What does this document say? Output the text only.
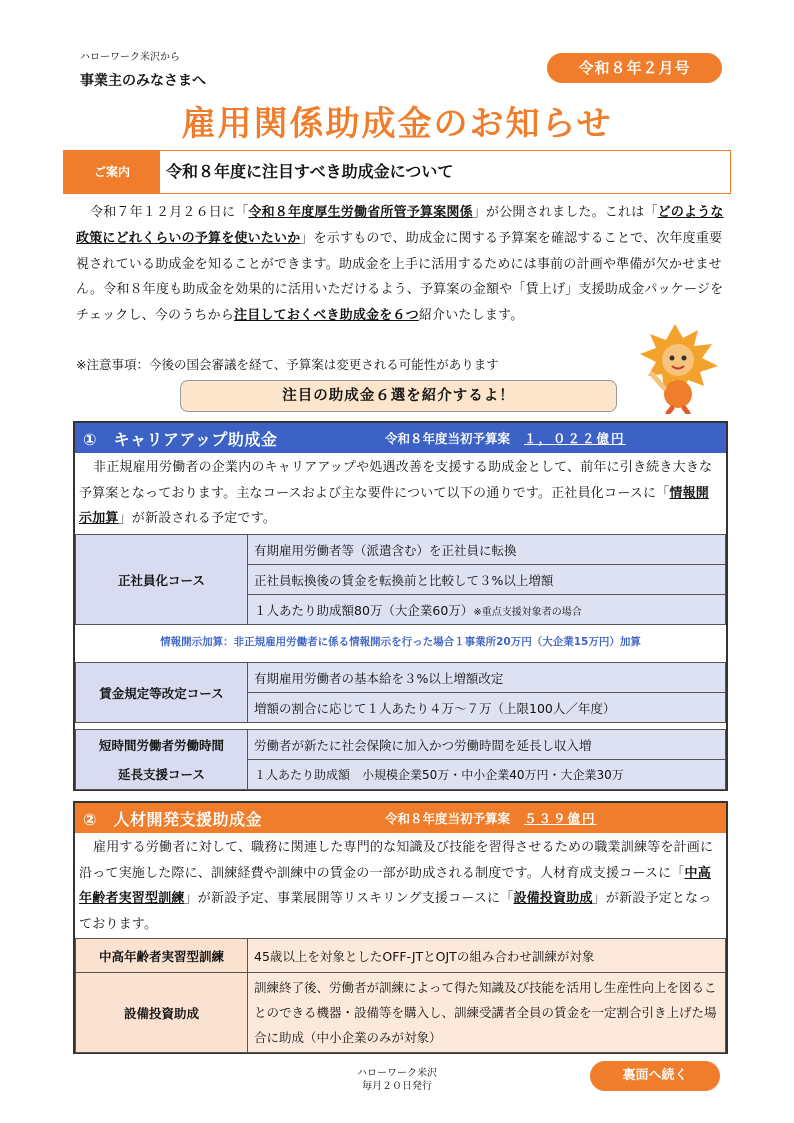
ハローワーク米沢から
事業主のみなさまへ
令和８年２月号
雇用関係助成金のお知らせ
ご案内	令和８年度に注目すべき助成金について

令和７年１２月２６日に「令和８年度厚生労働省所管予算案関係」が公開されました。これは「どのような政策にどれくらいの予算を使いたいか」を示すもので、助成金に関する予算案を確認することで、次年度重要視されている助成金を知ることができます。助成金を上手に活用するためには事前の計画や準備が欠かせません。令和８年度も助成金を効果的に活用いただけるよう、予算案の金額や「賃上げ」支援助成金パッケージをチェックし、今のうちから注目しておくべき助成金を６つ紹介いたします。

※注意事項：今後の国会審議を経て、予算案は変更される可能性があります
注目の助成金６選を紹介するよ！
①　キャリアアップ助成金	令和８年度当初予算案 １，０２２億円

非正規雇用労働者の企業内のキャリアアップや処遇改善を支援する助成金として、前年に引き続き大きな予算案となっております。主なコースおよび主な要件について以下の通りです。正社員化コースに「情報開示加算」が新設される予定です。

正社員化コース	有期雇用労働者等（派遣含む）を正社員に転換
正社員転換後の賃金を転換前と比較して３%以上増額
１人あたり助成額80万（大企業60万）※重点支援対象者の場合
情報開示加算：非正規雇用労働者に係る情報開示を行った場合１事業所20万円（大企業15万円）加算
賃金規定等改定コース	有期雇用労働者の基本給を３%以上増額改定
増額の割合に応じて１人あたり４万～７万（上限100人／年度）
短時間労働者労働時間
延長支援コース	労働者が新たに社会保険に加入かつ労働時間を延長し収入増
１人あたり助成額　小規模企業50万・中小企業40万円・大企業30万
②　人材開発支援助成金	令和８年度当初予算案 ５３９億円

雇用する労働者に対して、職務に関連した専門的な知識及び技能を習得させるための職業訓練等を計画に沿って実施した際に、訓練経費や訓練中の賃金の一部が助成される制度です。人材育成支援コースに「中高年齢者実習型訓練」が新設予定、事業展開等リスキリング支援コースに「設備投資助成」が新設予定となっております。

中高年齢者実習型訓練	45歳以上を対象としたOFF-JTとOJTの組み合わせ訓練が対象
設備投資助成	訓練終了後、労働者が訓練によって得た知識及び技能を活用し生産性向上を図ることのできる機器・設備等を購入し、訓練受講者全員の賃金を一定割合引き上げた場合に助成（中小企業のみが対象）
ハローワーク米沢
毎月２０日発行
裏面へ続く
